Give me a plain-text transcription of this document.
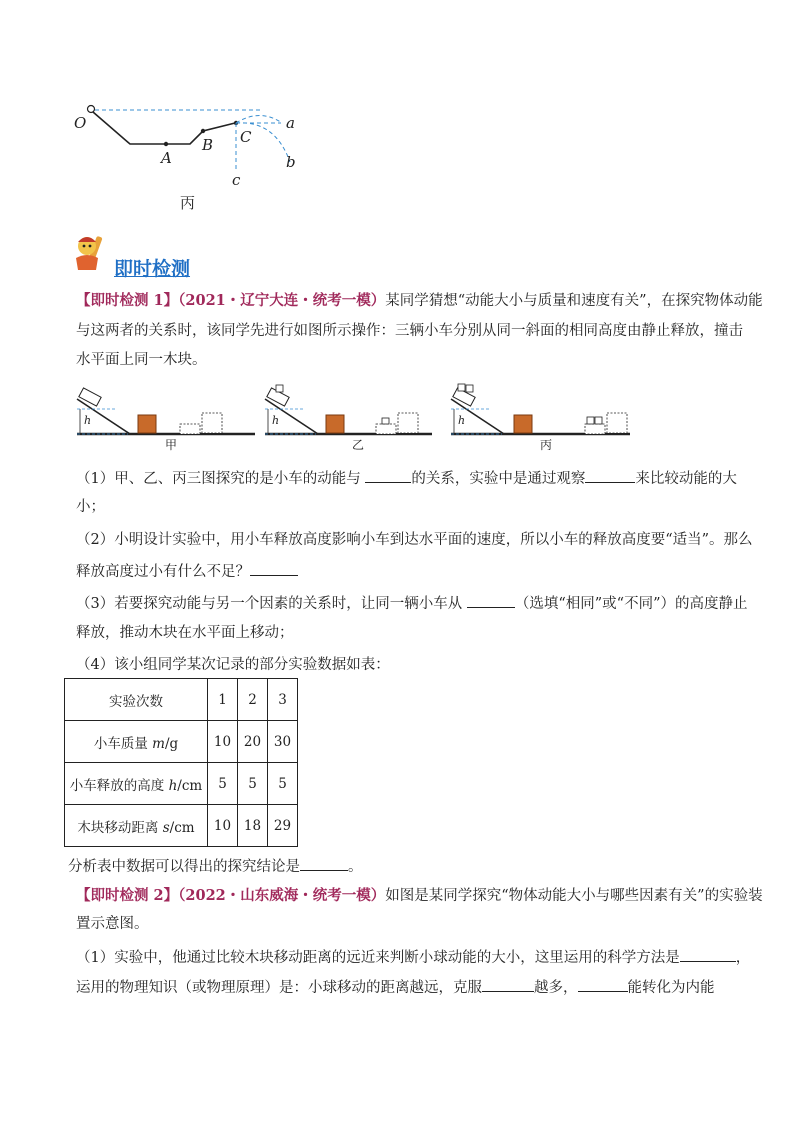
O
A
B C
a
b
c
丙
即时检测
【即时检测 1】（2021・辽宁大连・统考一模）某同学猜想“动能大小与质量和速度有关”，在探究物体动能
与这两者的关系时，该同学先进行如图所示操作：三辆小车分别从同一斜面的相同高度由静止释放，撞击
水平面上同一木块。
h	h	h
甲	乙	丙
（1）甲、乙、丙三图探究的是小车的动能与	的关系，实验中是通过观察	来比较动能的大
小；
（2）小明设计实验中，用小车释放高度影响小车到达水平面的速度，所以小车的释放高度要“适当”。那么
释放高度过小有什么不足？
（3）若要探究动能与另一个因素的关系时，让同一辆小车从	（选填“相同”或“不同”）的高度静止
释放，推动木块在水平面上移动；
（4）该小组同学某次记录的部分实验数据如表：
实验次数	1	2	3
小车质量 m/g	10	20	30
小车释放的高度 h/cm	5	5	5
木块移动距离 s/cm	10	18	29
分析表中数据可以得出的探究结论是	。
【即时检测 2】（2022・山东威海・统考一模）如图是某同学探究“物体动能大小与哪些因素有关”的实验装
置示意图。
（1）实验中，他通过比较木块移动距离的远近来判断小球动能的大小，这里运用的科学方法是	，
运用的物理知识（或物理原理）是：小球移动的距离越远，克服	越多，	能转化为内能
